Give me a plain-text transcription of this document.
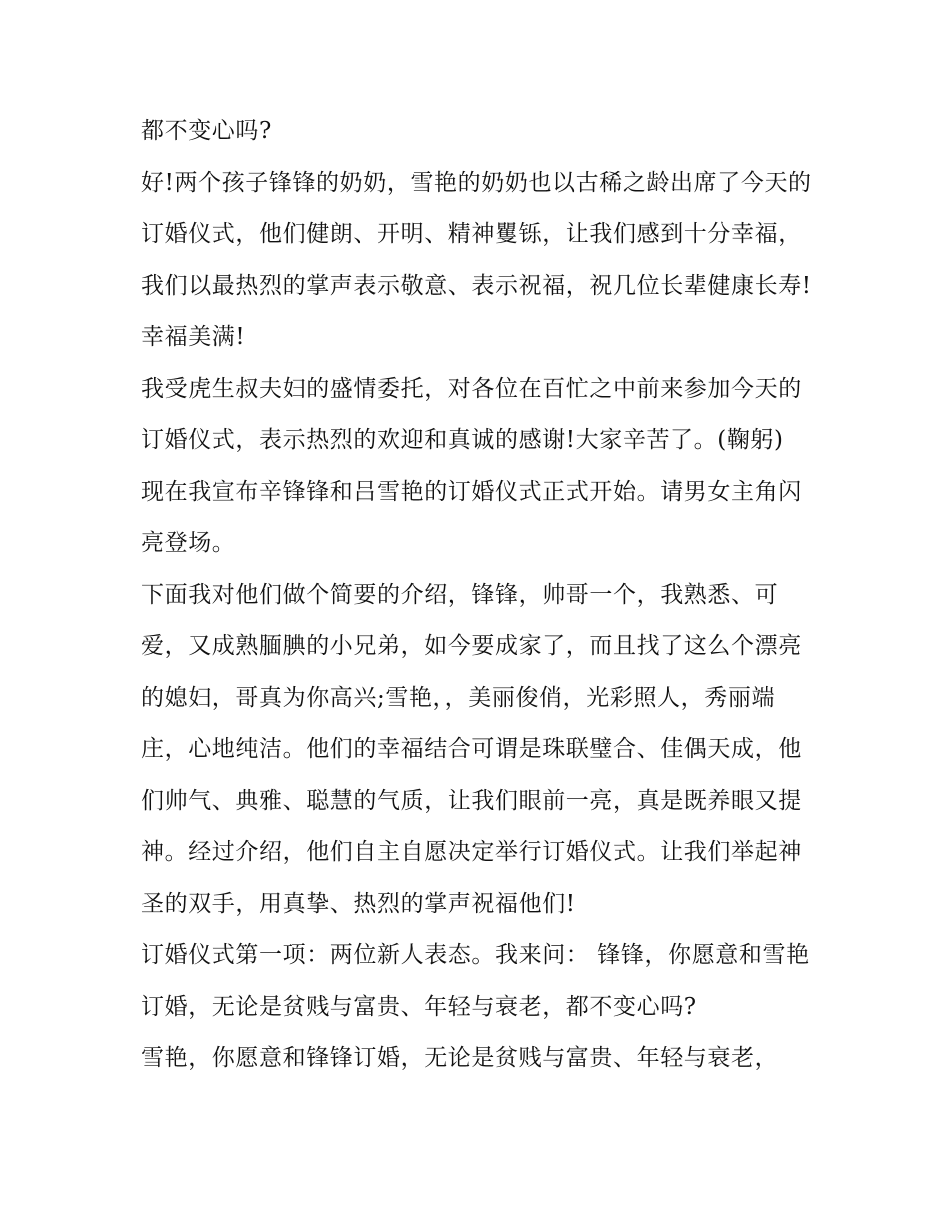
都不变心吗?

好!两个孩子锋锋的奶奶，雪艳的奶奶也以古稀之龄出席了今天的订婚仪式，他们健朗、开明、精神矍铄，让我们感到十分幸福，我们以最热烈的掌声表示敬意、表示祝福，祝几位长辈健康长寿!幸福美满!

我受虎生叔夫妇的盛情委托，对各位在百忙之中前来参加今天的订婚仪式，表示热烈的欢迎和真诚的感谢!大家辛苦了。(鞠躬)

现在我宣布辛锋锋和吕雪艳的订婚仪式正式开始。请男女主角闪亮登场。

下面我对他们做个简要的介绍，锋锋，帅哥一个，我熟悉、可爱，又成熟腼腆的小兄弟，如今要成家了，而且找了这么个漂亮的媳妇，哥真为你高兴;雪艳，，美丽俊俏，光彩照人，秀丽端庄，心地纯洁。他们的幸福结合可谓是珠联璧合、佳偶天成，他们帅气、典雅、聪慧的气质，让我们眼前一亮，真是既养眼又提神。经过介绍，他们自主自愿决定举行订婚仪式。让我们举起神圣的双手，用真挚、热烈的掌声祝福他们!

订婚仪式第一项：两位新人表态。我来问： 锋锋，你愿意和雪艳订婚，无论是贫贱与富贵、年轻与衰老，都不变心吗?

雪艳，你愿意和锋锋订婚，无论是贫贱与富贵、年轻与衰老，
